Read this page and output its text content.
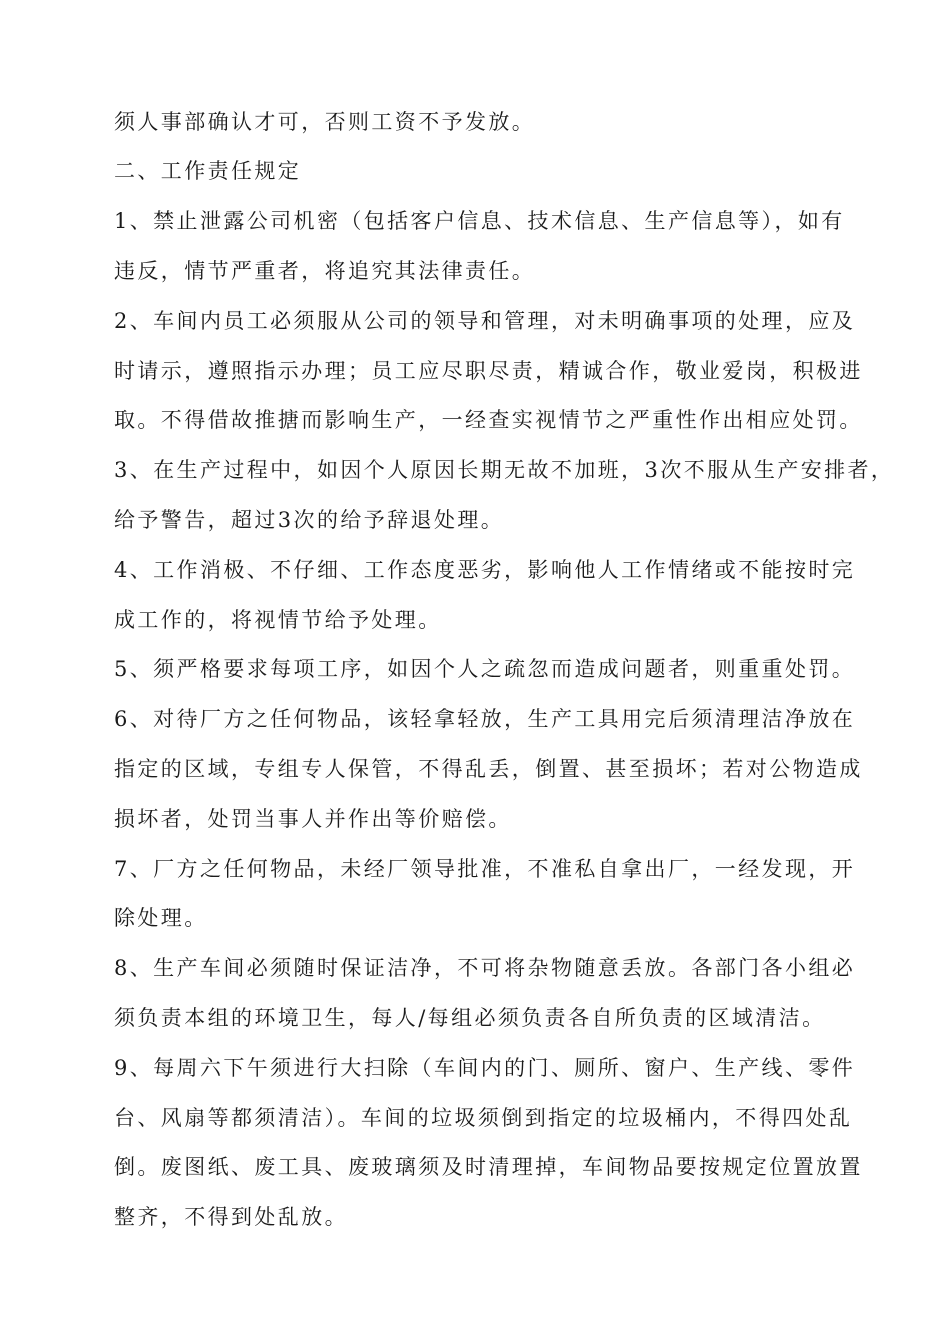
须人事部确认才可，否则工资不予发放。
二、工作责任规定
1、禁止泄露公司机密（包括客户信息、技术信息、生产信息等），如有
违反，情节严重者，将追究其法律责任。
2、车间内员工必须服从公司的领导和管理，对未明确事项的处理，应及
时请示，遵照指示办理；员工应尽职尽责，精诚合作，敬业爱岗，积极进
取。不得借故推搪而影响生产，一经查实视情节之严重性作出相应处罚。
3、在生产过程中，如因个人原因长期无故不加班，3次不服从生产安排者，
给予警告，超过3次的给予辞退处理。
4、工作消极、不仔细、工作态度恶劣，影响他人工作情绪或不能按时完
成工作的，将视情节给予处理。
5、须严格要求每项工序，如因个人之疏忽而造成问题者，则重重处罚。
6、对待厂方之任何物品，该轻拿轻放，生产工具用完后须清理洁净放在
指定的区域，专组专人保管，不得乱丢，倒置、甚至损坏；若对公物造成
损坏者，处罚当事人并作出等价赔偿。
7、厂方之任何物品，未经厂领导批准，不准私自拿出厂，一经发现，开
除处理。
8、生产车间必须随时保证洁净，不可将杂物随意丢放。各部门各小组必
须负责本组的环境卫生，每人/每组必须负责各自所负责的区域清洁。
9、每周六下午须进行大扫除（车间内的门、厕所、窗户、生产线、零件
台、风扇等都须清洁）。车间的垃圾须倒到指定的垃圾桶内，不得四处乱
倒。废图纸、废工具、废玻璃须及时清理掉，车间物品要按规定位置放置
整齐，不得到处乱放。
